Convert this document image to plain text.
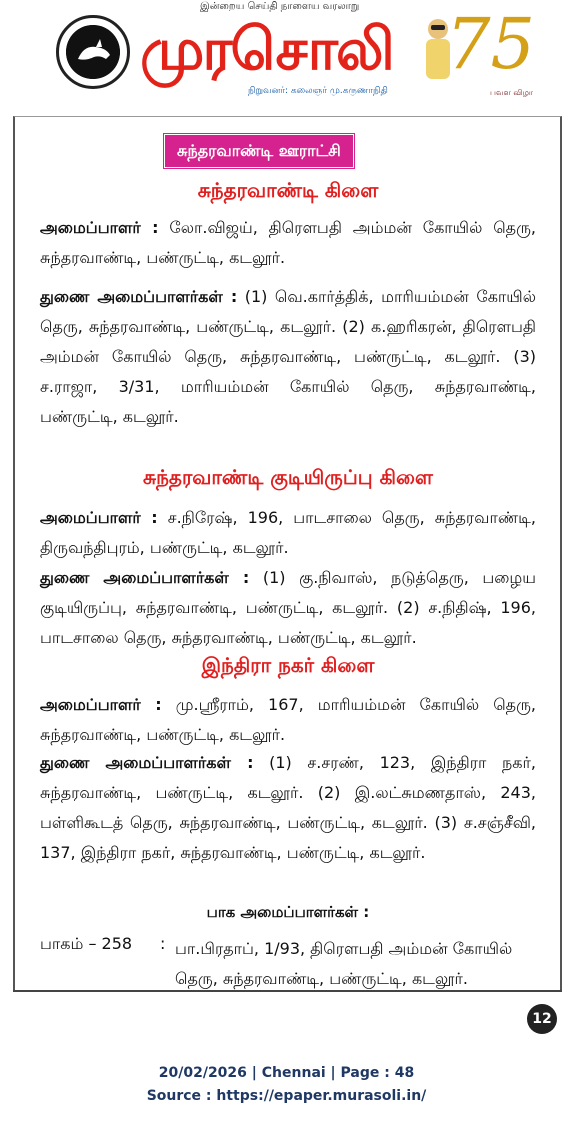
இன்றைய செய்தி நாளைய வரலாறு
முரசொலி
நிறுவனர்: கலைஞர் மு.கருணாநிதி
75
பவள விழா
சுந்தரவாண்டி ஊராட்சி
சுந்தரவாண்டி கிளை
அமைப்பாளர் : லோ.விஜய், திரௌபதி அம்மன் கோயில் தெரு, சுந்தரவாண்டி, பண்ருட்டி, கடலூர்.
துணை அமைப்பாளர்கள் : (1) வெ.கார்த்திக், மாரியம்மன் கோயில் தெரு, சுந்தரவாண்டி, பண்ருட்டி, கடலூர். (2) க.ஹரிகரன், திரௌபதி அம்மன் கோயில் தெரு, சுந்தரவாண்டி, பண்ருட்டி, கடலூர். (3) ச.ராஜா, 3/31, மாரியம்மன் கோயில் தெரு, சுந்தரவாண்டி, பண்ருட்டி, கடலூர்.
சுந்தரவாண்டி குடியிருப்பு கிளை
அமைப்பாளர் : ச.நிரேஷ், 196, பாடசாலை தெரு, சுந்தரவாண்டி, திருவந்திபுரம், பண்ருட்டி, கடலூர்.
துணை அமைப்பாளர்கள் : (1) கு.நிவாஸ், நடுத்தெரு, பழைய குடியிருப்பு, சுந்தரவாண்டி, பண்ருட்டி, கடலூர். (2) ச.நிதிஷ், 196, பாடசாலை தெரு, சுந்தரவாண்டி, பண்ருட்டி, கடலூர்.
இந்திரா நகர் கிளை
அமைப்பாளர் : மு.ஸ்ரீராம், 167, மாரியம்மன் கோயில் தெரு, சுந்தரவாண்டி, பண்ருட்டி, கடலூர்.
துணை அமைப்பாளர்கள் : (1) ச.சரண், 123, இந்திரா நகர், சுந்தரவாண்டி, பண்ருட்டி, கடலூர். (2) இ.லட்சுமணதாஸ், 243, பள்ளிகூடத் தெரு, சுந்தரவாண்டி, பண்ருட்டி, கடலூர். (3) ச.சஞ்சீவி, 137, இந்திரா நகர், சுந்தரவாண்டி, பண்ருட்டி, கடலூர்.
பாக அமைப்பாளர்கள் :
பாகம் – 258 : பா.பிரதாப், 1/93, திரௌபதி அம்மன் கோயில் தெரு, சுந்தரவாண்டி, பண்ருட்டி, கடலூர்.
12
20/02/2026 | Chennai | Page : 48
Source : https://epaper.murasoli.in/
